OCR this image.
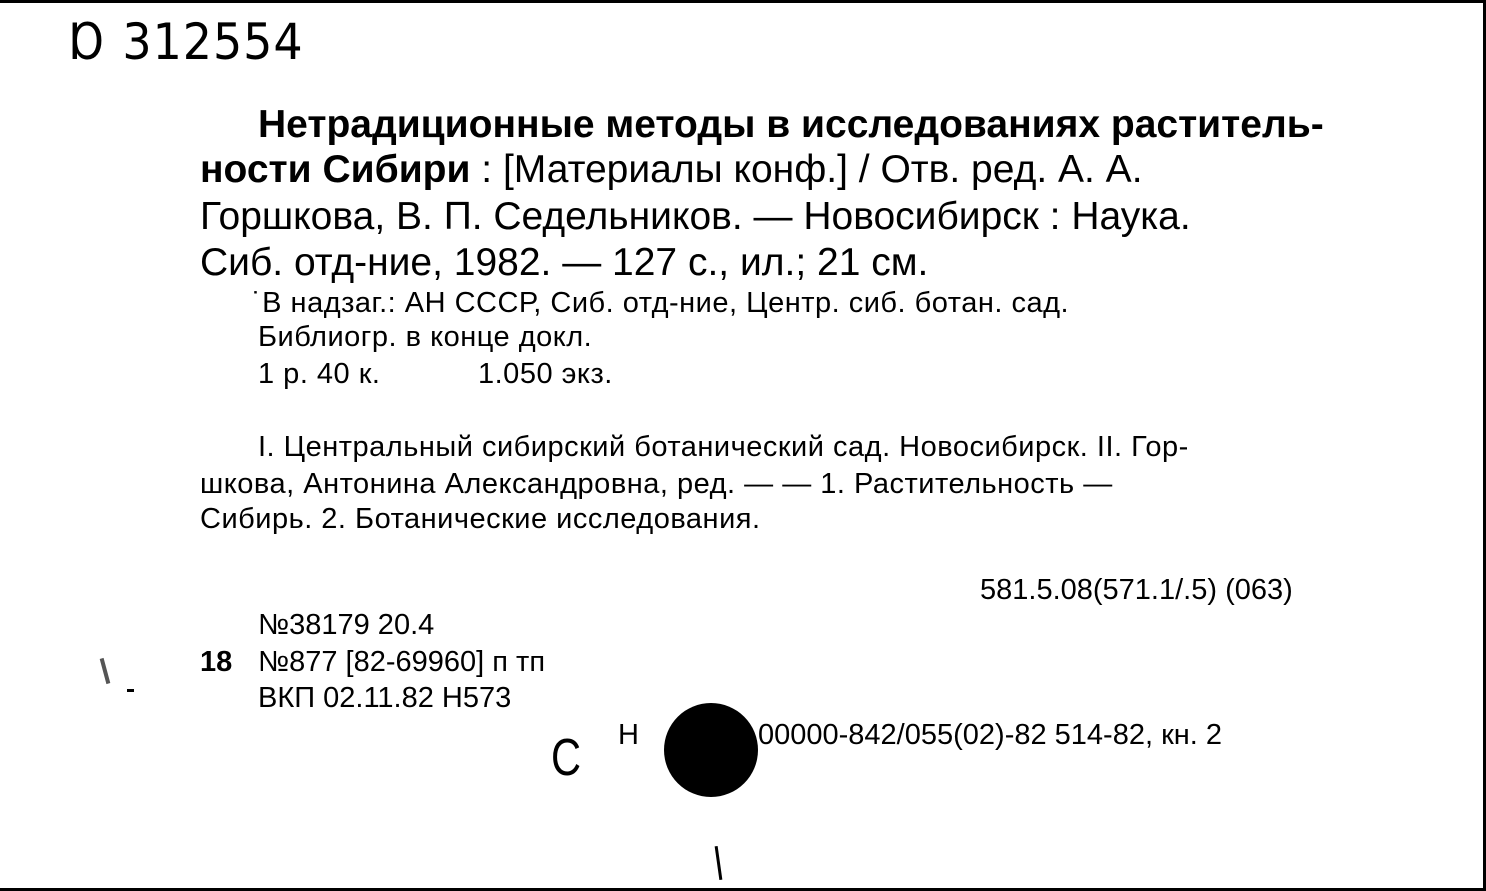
Ɒ 312554
Нетрадиционные методы в исследованиях раститель-
ности Сибири : [Материалы конф.] / Отв. ред. А. А.
Горшкова, В. П. Седельников. — Новосибирск : Наука.
Сиб. отд-ние, 1982. — 127 с., ил.; 21 см.
˙В надзаг.: АН СССР, Сиб. отд-ние, Центр. сиб. ботан. сад.
Библиогр. в конце докл.
1 р. 40 к.	1.050 экз.
I. Центральный сибирский ботанический сад. Новосибирск. II. Гор-
шкова, Антонина Александровна, ред. — — 1. Растительность —
Сибирь. 2. Ботанические исследования.
581.5.08(571.1/.5) (063)
№38179 20.4
18 №877 [82-69960] п тп
ВКП 02.11.82 Н573
С Н	00000-842/055(02)-82 514-82, кн. 2
